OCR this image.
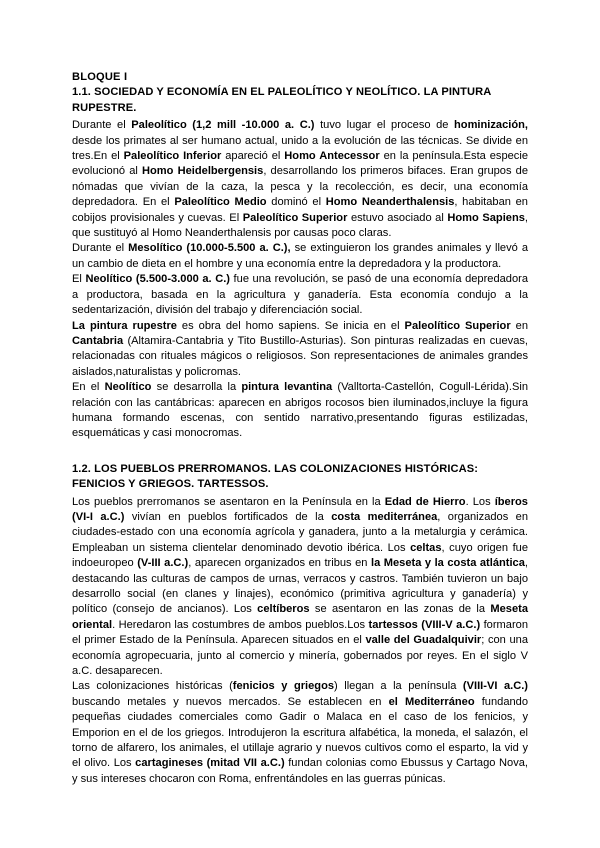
BLOQUE I
1.1. SOCIEDAD Y ECONOMÍA EN EL PALEOLÍTICO Y NEOLÍTICO. LA PINTURA RUPESTRE.

Durante el Paleolítico (1,2 mill -10.000 a. C.) tuvo lugar el proceso de hominización, desde los primates al ser humano actual, unido a la evolución de las técnicas. Se divide en tres.En el Paleolítico Inferior apareció el Homo Antecessor en la península.Esta especie evolucionó al Homo Heidelbergensis, desarrollando los primeros bifaces. Eran grupos de nómadas que vivían de la caza, la pesca y la recolección, es decir, una economía depredadora. En el Paleolítico Medio dominó el Homo Neanderthalensis, habitaban en cobijos provisionales y cuevas. El Paleolítico Superior estuvo asociado al Homo Sapiens, que sustituyó al Homo Neanderthalensis por causas poco claras.

Durante el Mesolítico (10.000-5.500 a. C.), se extinguieron los grandes animales y llevó a un cambio de dieta en el hombre y una economía entre la depredadora y la productora.

El Neolítico (5.500-3.000 a. C.) fue una revolución, se pasó de una economía depredadora a productora, basada en la agricultura y ganadería. Esta economía condujo a la sedentarización, división del trabajo y diferenciación social.

La pintura rupestre es obra del homo sapiens. Se inicia en el Paleolítico Superior en Cantabria (Altamira-Cantabria y Tito Bustillo-Asturias). Son pinturas realizadas en cuevas, relacionadas con rituales mágicos o religiosos. Son representaciones de animales grandes aislados,naturalistas y policromas.

En el Neolítico se desarrolla la pintura levantina (Valltorta-Castellón, Cogull-Lérida).Sin relación con las cantábricas: aparecen en abrigos rocosos bien iluminados,incluye la figura humana formando escenas, con sentido narrativo,presentando figuras estilizadas, esquemáticas y casi monocromas.

1.2. LOS PUEBLOS PRERROMANOS. LAS COLONIZACIONES HISTÓRICAS: FENICIOS Y GRIEGOS. TARTESSOS.

Los pueblos prerromanos se asentaron en la Península en la Edad de Hierro. Los íberos (VI-I a.C.) vivían en pueblos fortificados de la costa mediterránea, organizados en ciudades-estado con una economía agrícola y ganadera, junto a la metalurgia y cerámica. Empleaban un sistema clientelar denominado devotio ibérica. Los celtas, cuyo origen fue indoeuropeo (V-III a.C.), aparecen organizados en tribus en la Meseta y la costa atlántica, destacando las culturas de campos de urnas, verracos y castros. También tuvieron un bajo desarrollo social (en clanes y linajes), económico (primitiva agricultura y ganadería) y político (consejo de ancianos). Los celtíberos se asentaron en las zonas de la Meseta oriental. Heredaron las costumbres de ambos pueblos.Los tartessos (VIII-V a.C.) formaron el primer Estado de la Península. Aparecen situados en el valle del Guadalquivir; con una economía agropecuaria, junto al comercio y minería, gobernados por reyes. En el siglo V a.C. desaparecen.

Las colonizaciones históricas (fenicios y griegos) llegan a la península (VIII-VI a.C.) buscando metales y nuevos mercados. Se establecen en el Mediterráneo fundando pequeñas ciudades comerciales como Gadir o Malaca en el caso de los fenicios, y Emporion en el de los griegos. Introdujeron la escritura alfabética, la moneda, el salazón, el torno de alfarero, los animales, el utillaje agrario y nuevos cultivos como el esparto, la vid y el olivo. Los cartagineses (mitad VII a.C.) fundan colonias como Ebussus y Cartago Nova, y sus intereses chocaron con Roma, enfrentándoles en las guerras púnicas.
